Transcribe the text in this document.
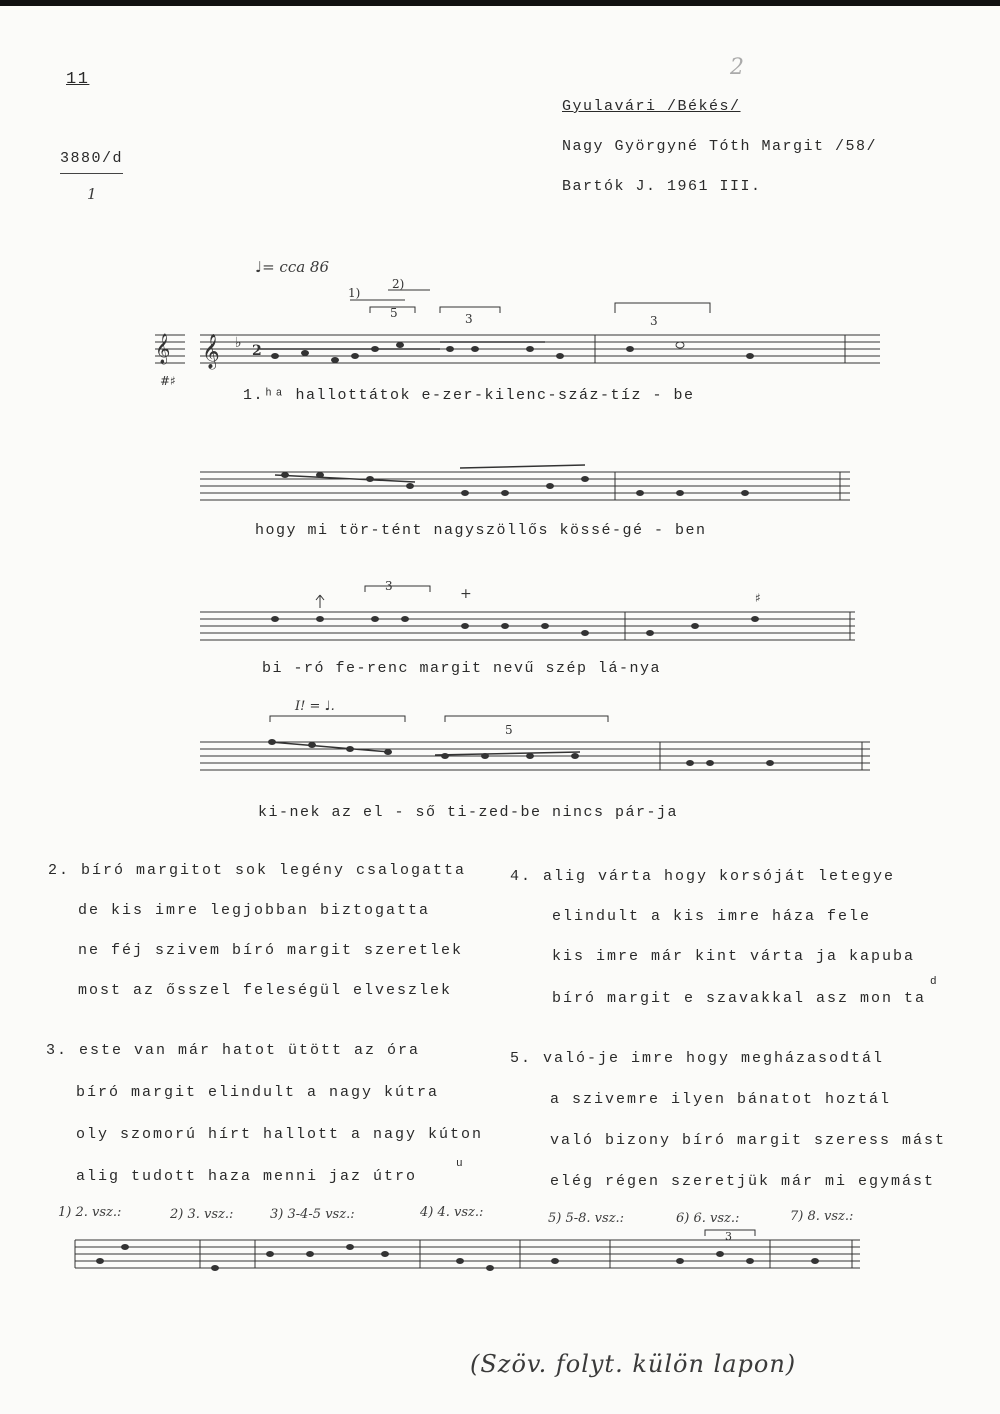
11
3880/d
1
2
Gyulavári /Békés/
Nagy Györgyné Tóth Margit /58/
Bartók J. 1961 III.
♩= cca 86
𝄞 𝄞 ♭ 2
1)
2)
5	3	3
#♯
1.ʰᵃ hallottátok e-zer-kilenc-száz-tíz - be
hogy mi tör-tént nagyszöllős kössé-gé - ben
3	+	♯
bi -ró fe-renc margit nevű szép lá-nya
I! = ♩.
5
ki-nek az el - ső ti-zed-be nincs pár-ja
2. bíró margitot sok legény csalogatta
de kis imre legjobban biztogatta
ne féj szivem bíró margit szeretlek
most az ősszel feleségül elveszlek
4. alig várta hogy korsóját letegye
elindult a kis imre háza fele
kis imre már kint várta ja kapuba
bíró margit e szavakkal asz mon ta
d
3. este van már hatot ütött az óra
bíró margit elindult a nagy kútra
oly szomorú hírt hallott a nagy kúton
alig tudott haza menni jaz útro
u
5. való-je imre hogy megházasodtál
a szivemre ilyen bánatot hoztál
való bizony bíró margit szeress mást
elég régen szeretjük már mi egymást
1) 2. vsz.:	2) 3. vsz.:	3) 3-4-5 vsz.:	4) 4. vsz.:	5) 5-8. vsz.:	6) 6. vsz.:	7) 8. vsz.:
3
(Szöv. folyt. külön lapon)
